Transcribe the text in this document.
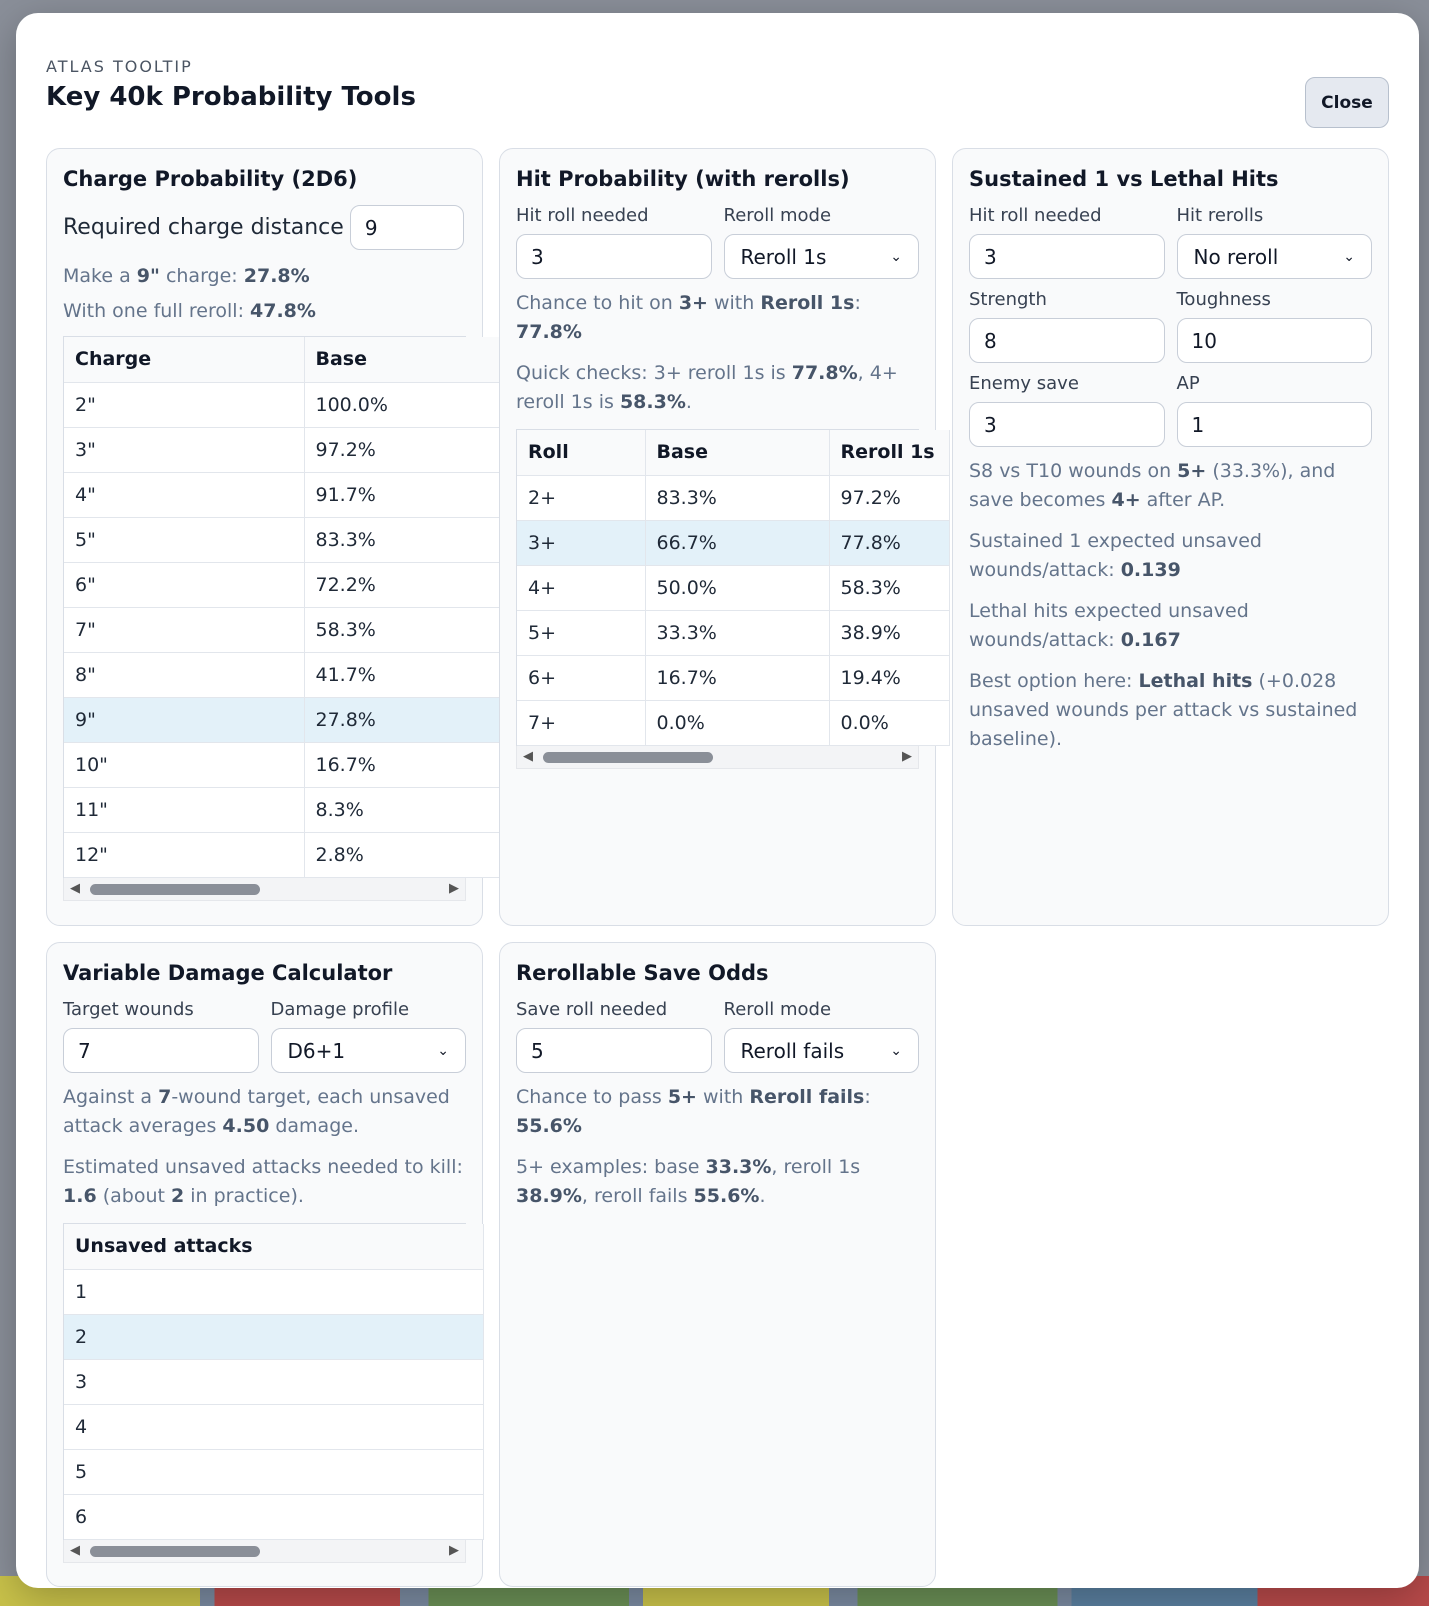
ATLAS TOOLTIP
Key 40k Probability Tools	Close
Charge Probability (2D6)
Required charge distance
9
Make a 9" charge: 27.8%
With one full reroll: 47.8%
Charge	Base
2"	100.0%
3"	97.2%
4"	91.7%
5"	83.3%
6"	72.2%
7"	58.3%
8"	41.7%
9"	27.8%
10"	16.7%
11"	8.3%
12"	2.8%
◀	▶
Hit Probability (with rerolls)
Hit roll needed
3	Reroll mode
Reroll 1s	⌄
Chance to hit on 3+ with Reroll 1s: 77.8%
Quick checks: 3+ reroll 1s is 77.8%, 4+ reroll 1s is 58.3%.
Roll	Base	Reroll 1s
2+	83.3%	97.2%
3+	66.7%	77.8%
4+	50.0%	58.3%
5+	33.3%	38.9%
6+	16.7%	19.4%
7+	0.0%	0.0%
◀	▶
Sustained 1 vs Lethal Hits
Hit roll needed
3	Hit rerolls
No reroll	⌄
Strength
8	Toughness
10
Enemy save
3	AP
1
S8 vs T10 wounds on 5+ (33.3%), and save becomes 4+ after AP.
Sustained 1 expected unsaved wounds/attack: 0.139
Lethal hits expected unsaved wounds/attack: 0.167
Best option here: Lethal hits (+0.028 unsaved wounds per attack vs sustained baseline).
Variable Damage Calculator
Target wounds
7	Damage profile
D6+1	⌄
Against a 7-wound target, each unsaved attack averages 4.50 damage.
Estimated unsaved attacks needed to kill: 1.6 (about 2 in practice).
Unsaved attacks
1
2
3
4
5
6
◀	▶
Rerollable Save Odds
Save roll needed
5	Reroll mode
Reroll fails	⌄
Chance to pass 5+ with Reroll fails: 55.6%
5+ examples: base 33.3%, reroll 1s 38.9%, reroll fails 55.6%.
